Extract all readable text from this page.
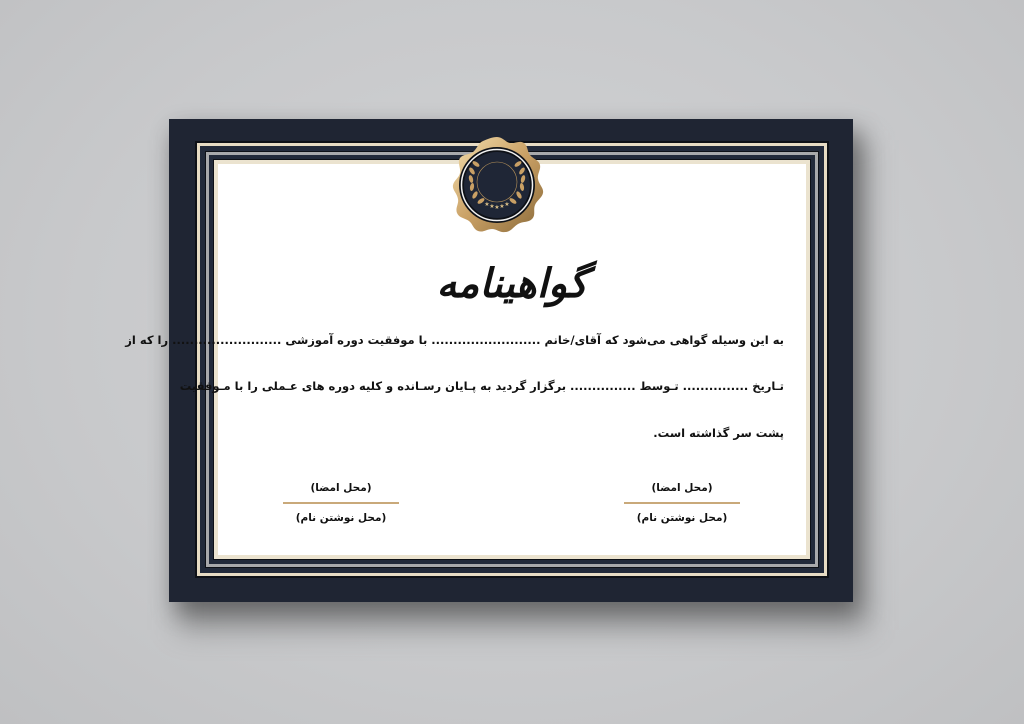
گواهینامه
به این وسیله گواهی می‌شود که آقای/خانم ......................... با موفقیت دوره آموزشی ......................... را که از
تـاریخ ............... تـوسط ............... برگزار گردید به پـایان رسـانده و کلیه دوره های عـملی را با مـوفقیت
پشت سر گذاشته است.
(محل امضا)
(محل نوشتن نام)
(محل امضا)
(محل نوشتن نام)
★ ★ ★ ★ ★
